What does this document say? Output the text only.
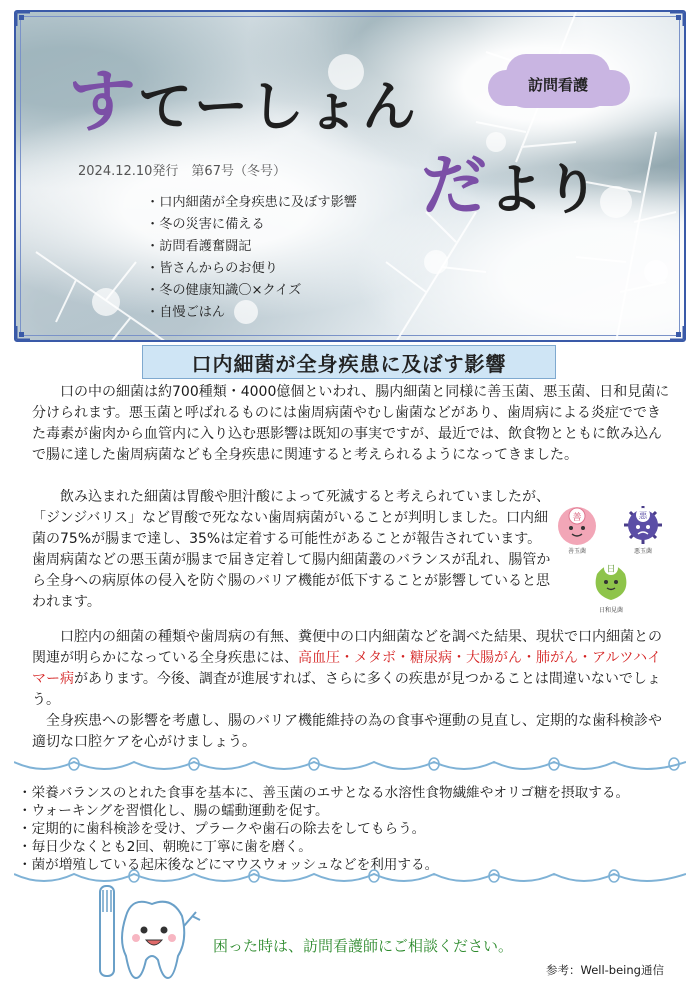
すてーしょん
だより
訪問看護
2024.12.10発行　第67号（冬号）
・ 口内細菌が全身疾患に及ぼす影響
・ 冬の災害に備える
・ 訪問看護奮闘記
・ 皆さんからのお便り
・ 冬の健康知識〇×クイズ
・ 自慢ごはん
口内細菌が全身疾患に及ぼす影響

口の中の細菌は約700種類・4000億個といわれ、腸内細菌と同様に善玉菌、悪玉菌、日和見菌に分けられます。悪玉菌と呼ばれるものには歯周病菌やむし歯菌などがあり、歯周病による炎症でできた毒素が歯肉から血管内に入り込む悪影響は既知の事実ですが、最近では、飲食物とともに飲み込んで腸に達した歯周病菌なども全身疾患に関連すると考えられるようになってきました。

飲み込まれた細菌は胃酸や胆汁酸によって死滅すると考えられていましたが、「ジンジバリス」など胃酸で死なない歯周病菌がいることが判明しました。口内細菌の75%が腸まで達し、35%は定着する可能性があることが報告されています。歯周病菌などの悪玉菌が腸まで届き定着して腸内細菌叢のバランスが乱れ、腸管から全身への病原体の侵入を防ぐ腸のバリア機能が低下することが影響していると思われます。

善
善玉菌
悪
悪玉菌
日
日和見菌

口腔内の細菌の種類や歯周病の有無、糞便中の口内細菌などを調べた結果、現状で口内細菌との関連が明らかになっている全身疾患には、高血圧・メタボ・糖尿病・大腸がん・肺がん・アルツハイマー病があります。今後、調査が進展すれば、さらに多くの疾患が見つかることは間違いないでしょう。
全身疾患への影響を考慮し、腸のバリア機能維持の為の食事や運動の見直し、定期的な歯科検診や適切な口腔ケアを心がけましょう。

・ 栄養バランスのとれた食事を基本に、善玉菌のエサとなる水溶性食物繊維やオリゴ糖を摂取する。
・ ウォーキングを習慣化し、腸の蠕動運動を促す。
・ 定期的に歯科検診を受け、プラークや歯石の除去をしてもらう。
・ 毎日少なくとも2回、朝晩に丁寧に歯を磨く。
・ 菌が増殖している起床後などにマウスウォッシュなどを利用する。
困った時は、訪問看護師にご相談ください。
参考：Well-being通信
